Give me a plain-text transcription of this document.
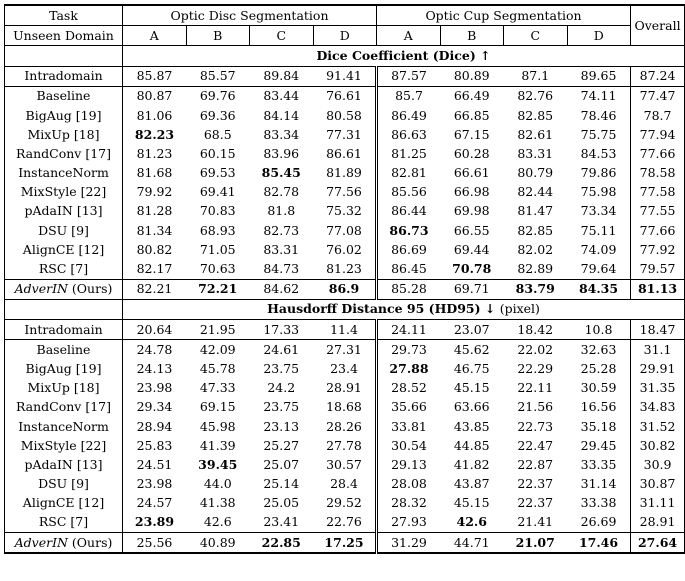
Task	Optic Disc Segmentation				Optic Cup Segmentation				Overall
Unseen Domain	A	B	C	D	A	B	C	D	
	Dice Coefficient (Dice) ↑								
Intradomain	85.87	85.57	89.84	91.41	87.57	80.89	87.1	89.65	87.24
Baseline	80.87	69.76	83.44	76.61	85.7	66.49	82.76	74.11	77.47
BigAug [19]	81.06	69.36	84.14	80.58	86.49	66.85	82.85	78.46	78.7
MixUp [18]	82.23	68.5	83.34	77.31	86.63	67.15	82.61	75.75	77.94
RandConv [17]	81.23	60.15	83.96	86.61	81.25	60.28	83.31	84.53	77.66
InstanceNorm	81.68	69.53	85.45	81.89	82.81	66.61	80.79	79.86	78.58
MixStyle [22]	79.92	69.41	82.78	77.56	85.56	66.98	82.44	75.98	77.58
pAdaIN [13]	81.28	70.83	81.8	75.32	86.44	69.98	81.47	73.34	77.55
DSU [9]	81.34	68.93	82.73	77.08	86.73	66.55	82.85	75.11	77.66
AlignCE [12]	80.82	71.05	83.31	76.02	86.69	69.44	82.02	74.09	77.92
RSC [7]	82.17	70.63	84.73	81.23	86.45	70.78	82.89	79.64	79.57
AdverIN (Ours)	82.21	72.21	84.62	86.9	85.28	69.71	83.79	84.35	81.13
	Hausdorff Distance 95 (HD95) ↓ (pixel)								
Intradomain	20.64	21.95	17.33	11.4	24.11	23.07	18.42	10.8	18.47
Baseline	24.78	42.09	24.61	27.31	29.73	45.62	22.02	32.63	31.1
BigAug [19]	24.13	45.78	23.75	23.4	27.88	46.75	22.29	25.28	29.91
MixUp [18]	23.98	47.33	24.2	28.91	28.52	45.15	22.11	30.59	31.35
RandConv [17]	29.34	69.15	23.75	18.68	35.66	63.66	21.56	16.56	34.83
InstanceNorm	28.94	45.98	23.13	28.26	33.81	43.85	22.73	35.18	31.52
MixStyle [22]	25.83	41.39	25.27	27.78	30.54	44.85	22.47	29.45	30.82
pAdaIN [13]	24.51	39.45	25.07	30.57	29.13	41.82	22.87	33.35	30.9
DSU [9]	23.98	44.0	25.14	28.4	28.08	43.87	22.37	31.14	30.87
AlignCE [12]	24.57	41.38	25.05	29.52	28.32	45.15	22.37	33.38	31.11
RSC [7]	23.89	42.6	23.41	22.76	27.93	42.6	21.41	26.69	28.91
AdverIN (Ours)	25.56	40.89	22.85	17.25	31.29	44.71	21.07	17.46	27.64
